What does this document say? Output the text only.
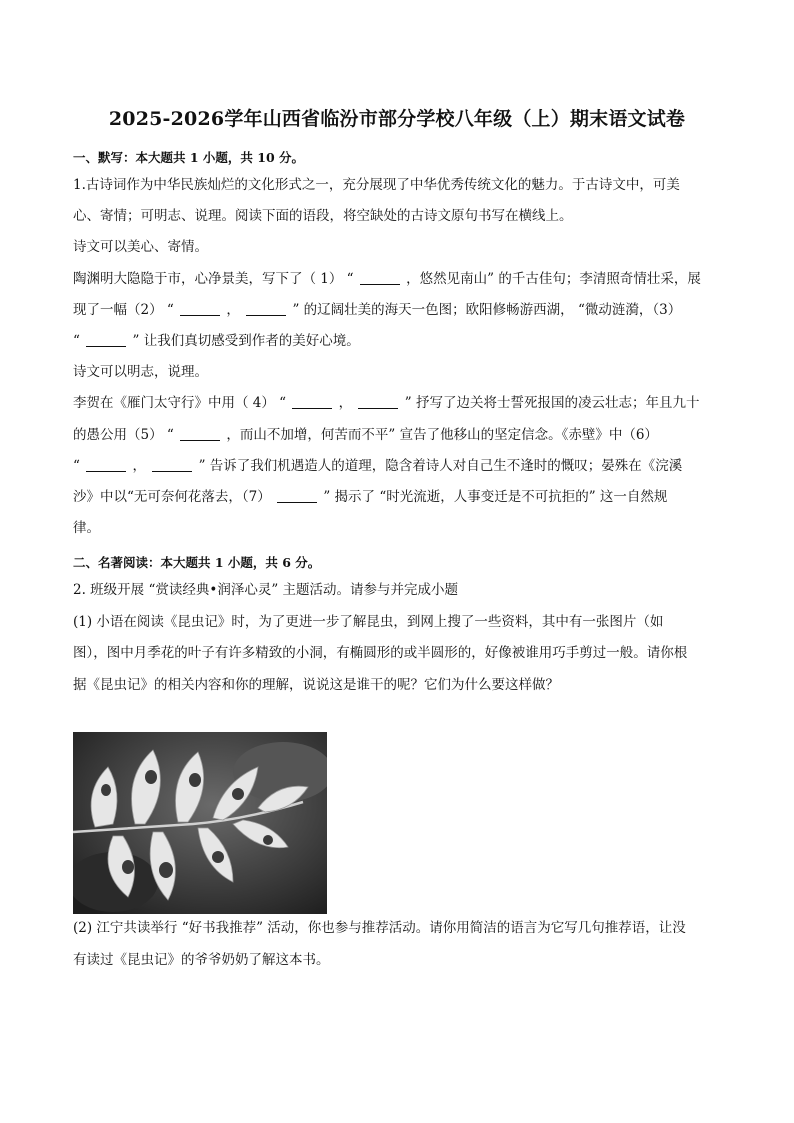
2025-2026学年山西省临汾市部分学校八年级（上）期末语文试卷
一、默写：本大题共 1 小题，共 10 分。
1.古诗词作为中华民族灿烂的文化形式之一，充分展现了中华优秀传统文化的魅力。于古诗文中，可美
心、寄情；可明志、说理。阅读下面的语段，将空缺处的古诗文原句书写在横线上。
诗文可以美心、寄情。
陶渊明大隐隐于市，心净景美，写下了（ 1） “	，悠然见南山” 的千古佳句；李清照奇情壮采，展
现了一幅（2） “	，	” 的辽阔壮美的海天一色图；欧阳修畅游西湖， “微动涟漪，（3）
“	” 让我们真切感受到作者的美好心境。
诗文可以明志，说理。
李贺在《雁门太守行》中用（ 4） “	，	” 抒写了边关将士誓死报国的凌云壮志；年且九十
的愚公用（5） “	，而山不加增，何苦而不平” 宣告了他移山的坚定信念。《赤壁》中（6）
“	，	” 告诉了我们机遇造人的道理，隐含着诗人对自己生不逢时的慨叹；晏殊在《浣溪
沙》中以“无可奈何花落去，（7）	” 揭示了 “时光流逝，人事变迁是不可抗拒的” 这一自然规
律。
二、名著阅读：本大题共 1 小题，共 6 分。
2. 班级开展 “赏读经典•润泽心灵” 主题活动。请参与并完成小题
(1) 小语在阅读《昆虫记》时，为了更进一步了解昆虫，到网上搜了一些资料，其中有一张图片（如
图），图中月季花的叶子有许多精致的小洞，有椭圆形的或半圆形的，好像被谁用巧手剪过一般。请你根
据《昆虫记》的相关内容和你的理解，说说这是谁干的呢？它们为什么要这样做？
(2) 江宁共读举行 “好书我推荐” 活动，你也参与推荐活动。请你用简洁的语言为它写几句推荐语，让没
有读过《昆虫记》的爷爷奶奶了解这本书。
